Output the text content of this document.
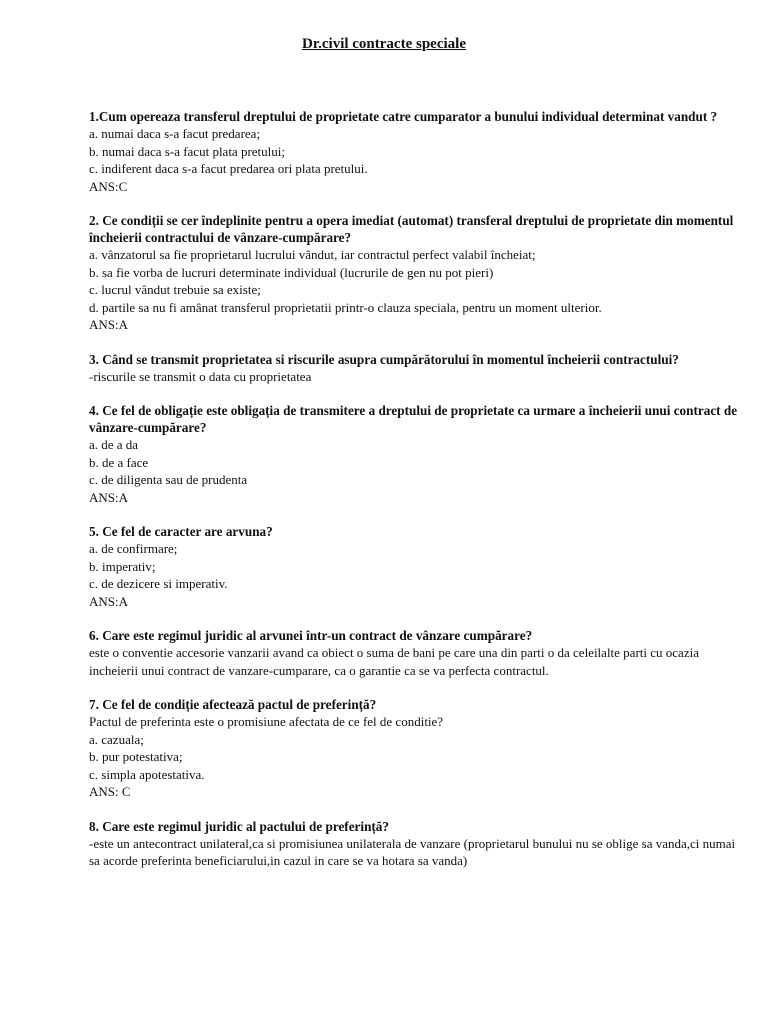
Dr.civil contracte speciale

1.Cum opereaza transferul dreptului de proprietate catre cumparator a bunului individual determinat vandut ?

a. numai daca s-a facut predarea;

b. numai daca s-a facut plata pretului;

c. indiferent daca s-a facut predarea ori plata pretului.

ANS:C

2. Ce condiții se cer îndeplinite pentru a opera imediat (automat) transferal dreptului de proprietate din momentul încheierii contractului de vânzare-cumpărare?

a. vânzatorul sa fie proprietarul lucrului vândut, iar contractul perfect valabil încheiat;

b. sa fie vorba de lucruri determinate individual (lucrurile de gen nu pot pieri)

c. lucrul vândut trebuie sa existe;

d. partile sa nu fi amânat transferul proprietatii printr-o clauza speciala, pentru un moment ulterior.

ANS:A

3. Când se transmit proprietatea si riscurile asupra cumpărătorului în momentul încheierii contractului?

-riscurile se transmit o data cu proprietatea

4. Ce fel de obligație este obligația de transmitere a dreptului de proprietate ca urmare a încheierii unui contract de vânzare-cumpărare?

a. de a da

b. de a face

c. de diligenta sau de prudenta

ANS:A

5. Ce fel de caracter are arvuna?

a. de confirmare;

b. imperativ;

c. de dezicere si imperativ.

ANS:A

6. Care este regimul juridic al arvunei într-un contract de vânzare cumpărare?

este o conventie accesorie vanzarii avand ca obiect o suma de bani pe care una din parti o da celeilalte parti cu ocazia incheierii unui contract de vanzare-cumparare, ca o garantie ca se va perfecta contractul.

7. Ce fel de condiție afectează pactul de preferință?

Pactul de preferinta este o promisiune afectata de ce fel de conditie?

a. cazuala;

b. pur potestativa;

c. simpla apotestativa.

ANS: C

8. Care este regimul juridic al pactului de preferință?

-este un antecontract unilateral,ca si promisiunea unilaterala de vanzare (proprietarul bunului nu se oblige sa vanda,ci numai sa acorde preferinta beneficiarului,in cazul in care se va hotara sa vanda)
